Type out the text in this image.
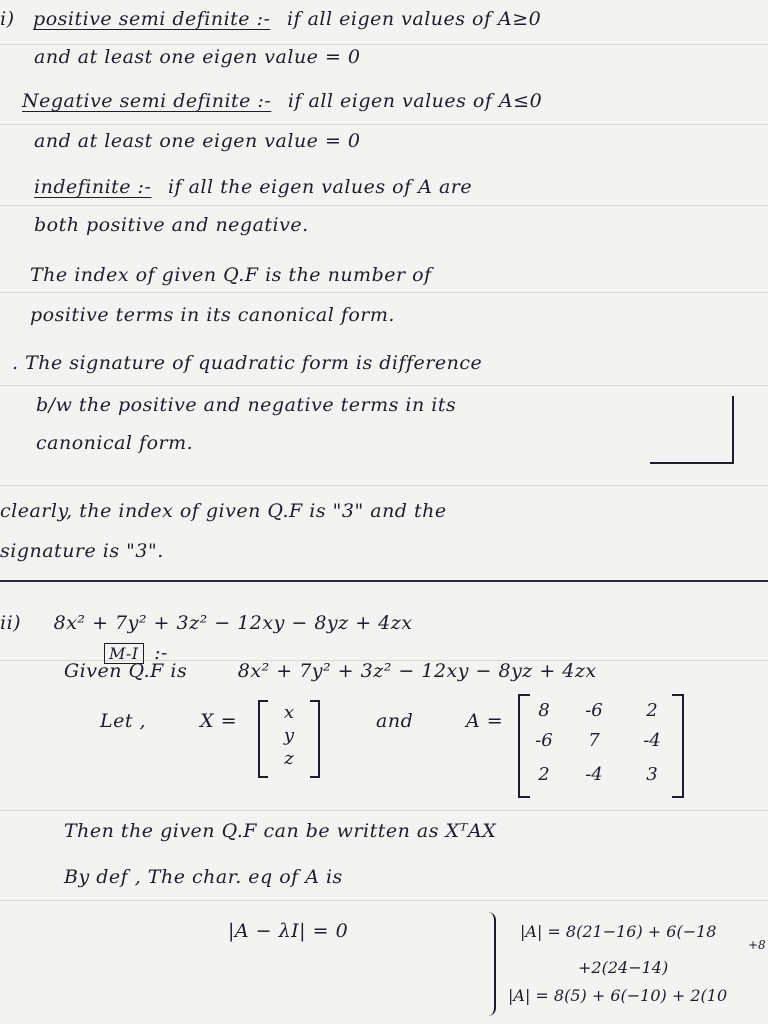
i) positive semi definite :- if all eigen values of A≥0
and at least one eigen value = 0
Negative semi definite :- if all eigen values of A≤0
and at least one eigen value = 0
indefinite :- if all the eigen values of A are
both positive and negative.
The index of given Q.F is the number of
positive terms in its canonical form.
. The signature of quadratic form is difference
b/w the positive and negative terms in its
canonical form.
clearly, the index of given Q.F is "3" and the
signature is "3".
ii) 8x² + 7y² + 3z² − 12xy − 8yz + 4zx
M-I :-
Given Q.F is	8x² + 7y² + 3z² − 12xy − 8yz + 4zx
Let ,	X =	x
y
z
and	A =	8	-6	2
-6	7	-4
2	-4	3
Then the given Q.F can be written as XᵀAX
By def , The char. eq of A is
|A − λI| = 0	|A| = 8(21−16) + 6(−18
+8
+2(24−14)
|A| = 8(5) + 6(−10) + 2(10
